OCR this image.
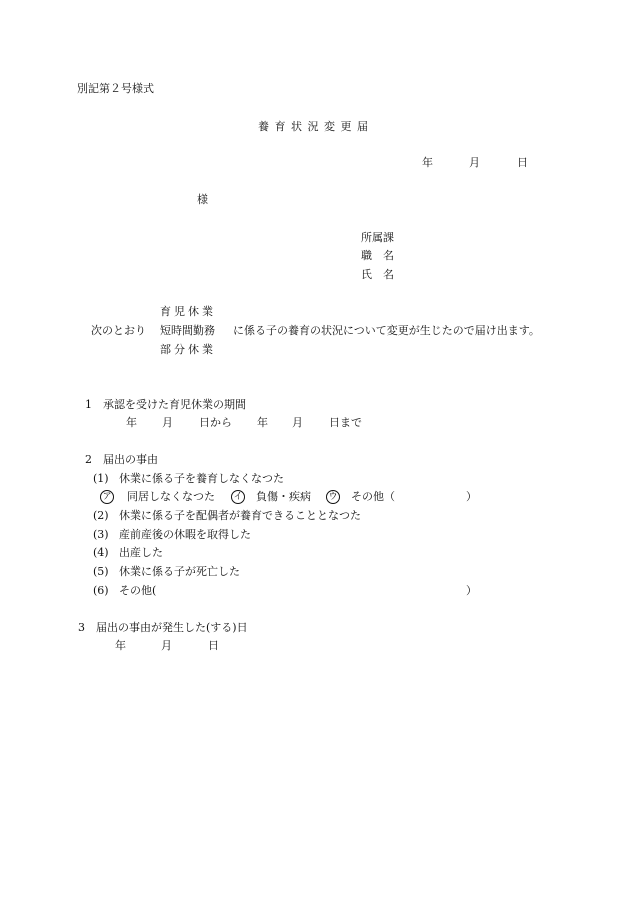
別記第２号様式
養 育 状 況 変 更 届
年	月	日
様
所属課
職　名
氏　名
育児休業
次のとおり 短時間勤務 に係る子の養育の状況について変更が生じたので届け出ます。
部分休業
1　承認を受けた育児休業の期間
年 月 日から 年 月 日まで
2　届出の事由
(1) 休業に係る子を養育しなくなつた
ア 同居しなくなつた イ 負傷・疾病 ウ その他（	）
(2) 休業に係る子を配偶者が養育できることとなつた
(3) 産前産後の休暇を取得した
(4) 出産した
(5) 休業に係る子が死亡した
(6) その他(	）
3　届出の事由が発生した(する)日
年	月	日
